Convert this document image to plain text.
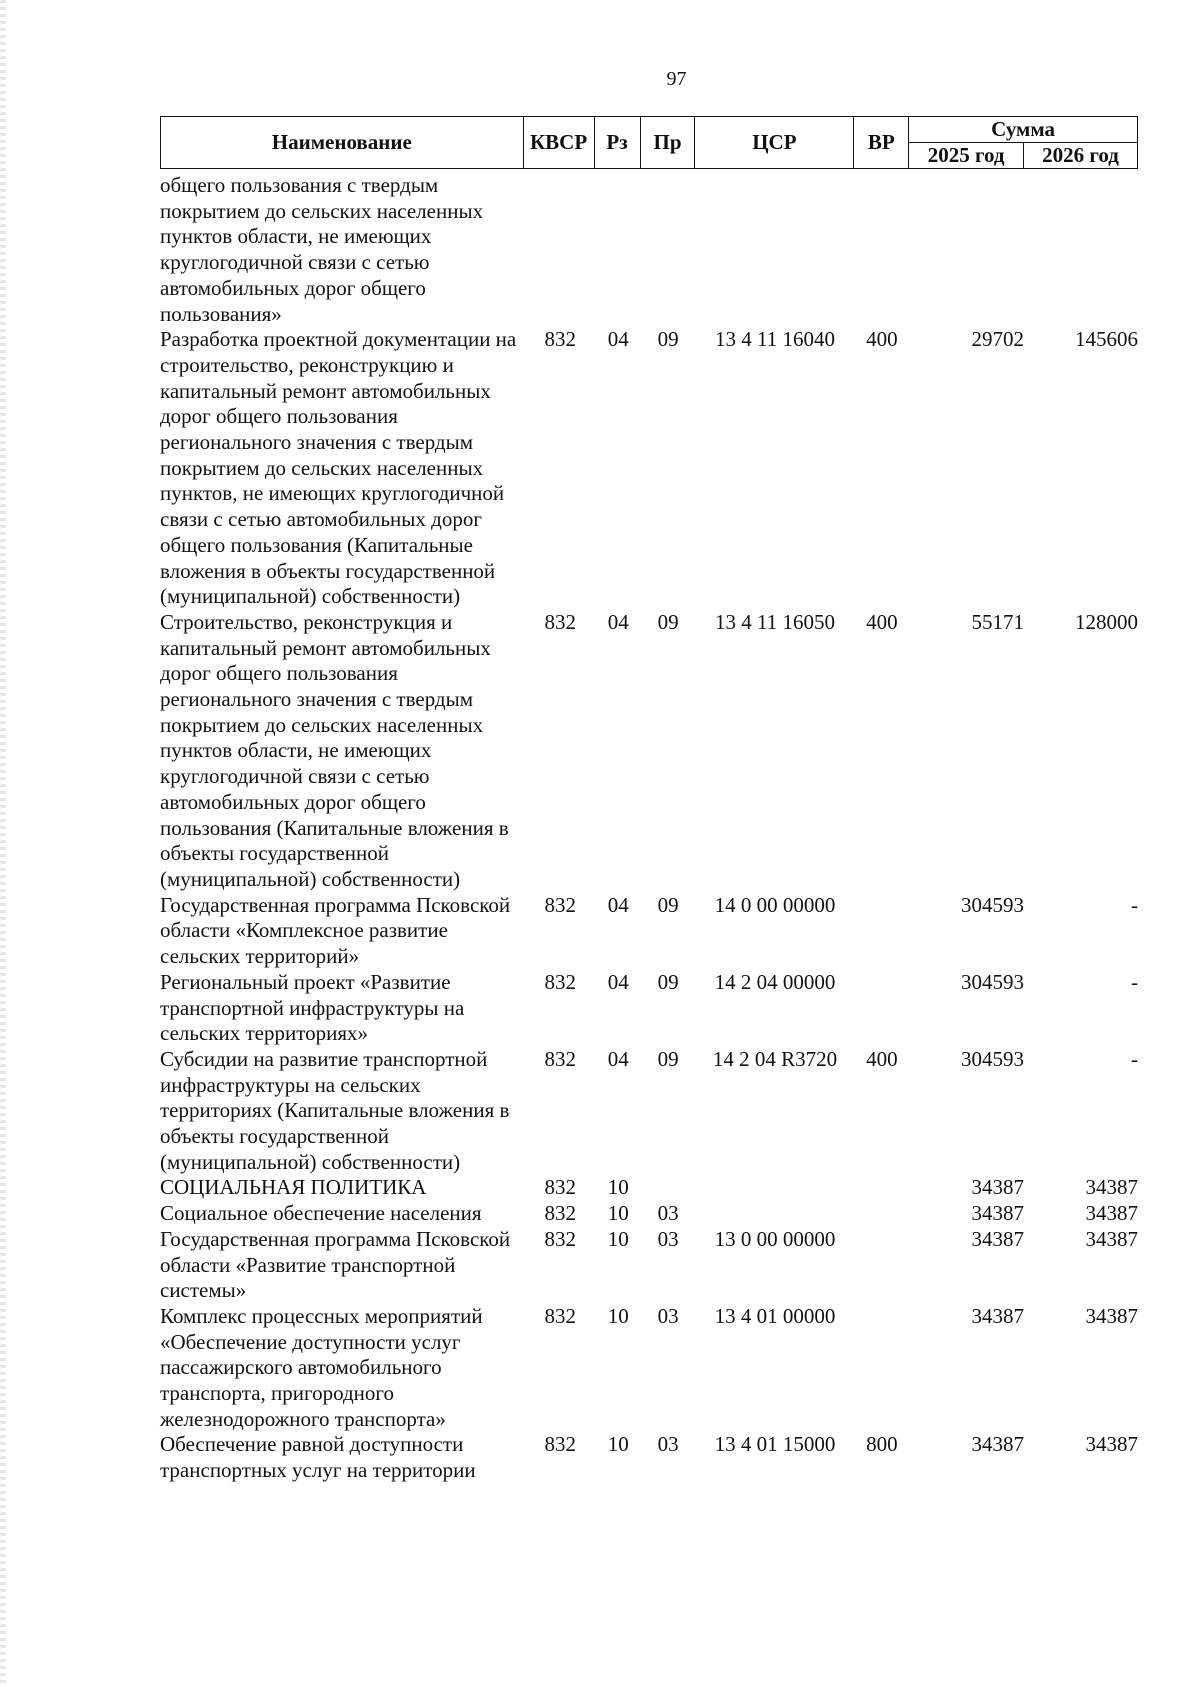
97
Наименование	КВСР	Рз	Пр	ЦСР	ВР	Сумма	
						2025 год	2026 год
общего пользования с твердым покрытием до сельских населенных пунктов области, не имеющих круглогодичной связи с сетью автомобильных дорог общего пользования»							
Разработка проектной документации на строительство, реконструкцию и капитальный ремонт автомобильных дорог общего пользования регионального значения с твердым покрытием до сельских населенных пунктов, не имеющих круглогодичной связи с сетью автомобильных дорог общего пользования (Капитальные вложения в объекты государственной (муниципальной) собственности)	832	04	09	13 4 11 16040	400	29702	145606
Строительство, реконструкция и капитальный ремонт автомобильных дорог общего пользования регионального значения с твердым покрытием до сельских населенных пунктов области, не имеющих круглогодичной связи с сетью автомобильных дорог общего пользования (Капитальные вложения в объекты государственной (муниципальной) собственности)	832	04	09	13 4 11 16050	400	55171	128000
Государственная программа Псковской области «Комплексное развитие сельских территорий»	832	04	09	14 0 00 00000		304593	-
Региональный проект «Развитие транспортной инфраструктуры на сельских территориях»	832	04	09	14 2 04 00000		304593	-
Субсидии на развитие транспортной инфраструктуры на сельских территориях (Капитальные вложения в объекты государственной (муниципальной) собственности)	832	04	09	14 2 04 R3720	400	304593	-
СОЦИАЛЬНАЯ ПОЛИТИКА	832	10				34387	34387
Социальное обеспечение населения	832	10	03			34387	34387
Государственная программа Псковской области «Развитие транспортной системы»	832	10	03	13 0 00 00000		34387	34387
Комплекс процессных мероприятий «Обеспечение доступности услуг пассажирского автомобильного транспорта, пригородного железнодорожного транспорта»	832	10	03	13 4 01 00000		34387	34387
Обеспечение равной доступности транспортных услуг на территории	832	10	03	13 4 01 15000	800	34387	34387
